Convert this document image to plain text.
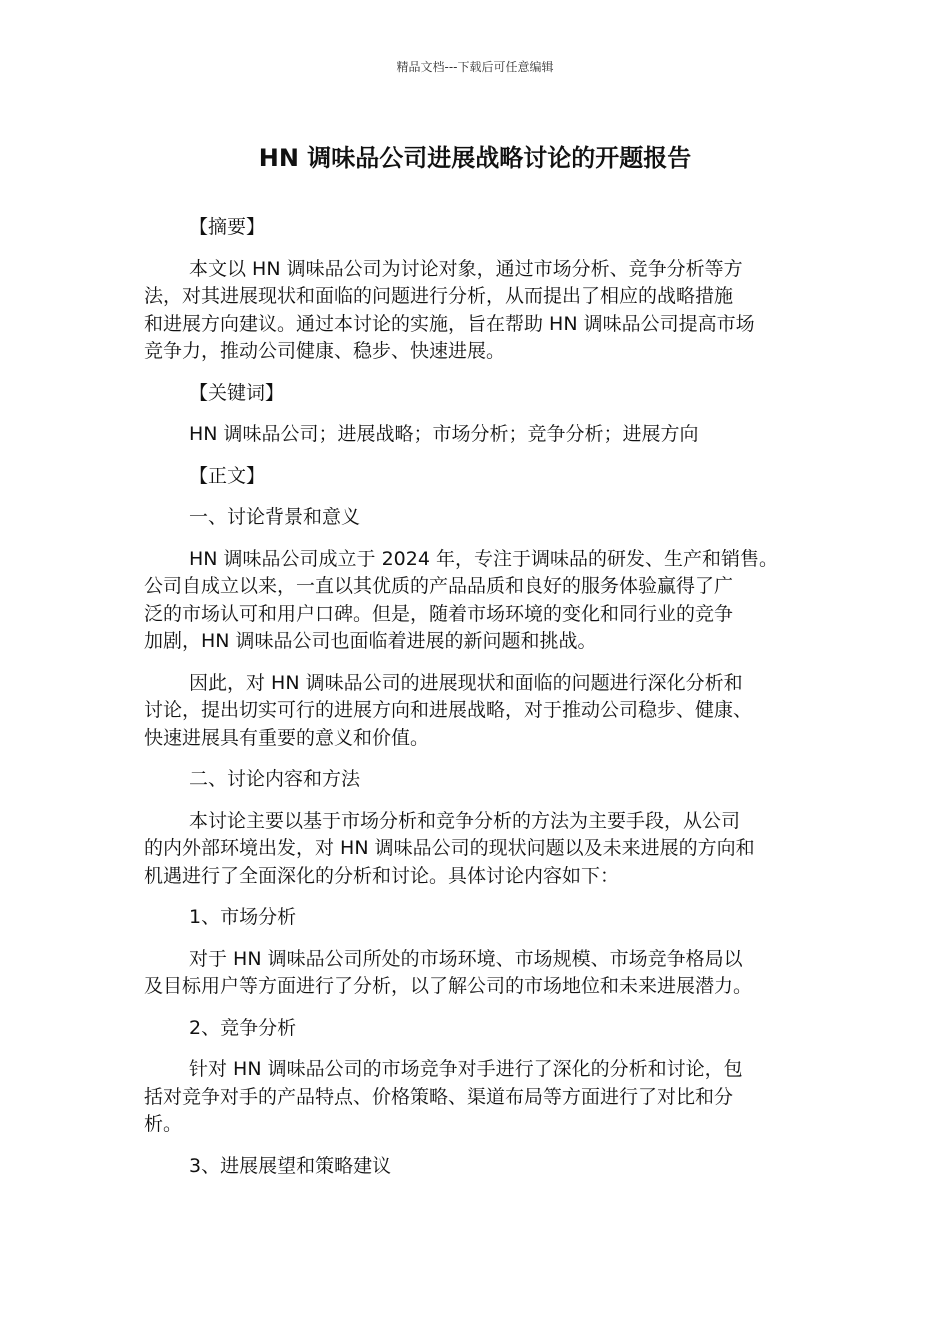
精品文档---下载后可任意编辑
HN 调味品公司进展战略讨论的开题报告
【摘要】
本文以 HN 调味品公司为讨论对象，通过市场分析、竞争分析等方
法，对其进展现状和面临的问题进行分析，从而提出了相应的战略措施
和进展方向建议。通过本讨论的实施，旨在帮助 HN 调味品公司提高市场
竞争力，推动公司健康、稳步、快速进展。
【关键词】
HN 调味品公司；进展战略；市场分析；竞争分析；进展方向
【正文】
一、讨论背景和意义
HN 调味品公司成立于 2024 年，专注于调味品的研发、生产和销售。
公司自成立以来，一直以其优质的产品品质和良好的服务体验赢得了广
泛的市场认可和用户口碑。但是，随着市场环境的变化和同行业的竞争
加剧，HN 调味品公司也面临着进展的新问题和挑战。
因此，对 HN 调味品公司的进展现状和面临的问题进行深化分析和
讨论，提出切实可行的进展方向和进展战略，对于推动公司稳步、健康、
快速进展具有重要的意义和价值。
二、讨论内容和方法
本讨论主要以基于市场分析和竞争分析的方法为主要手段，从公司
的内外部环境出发，对 HN 调味品公司的现状问题以及未来进展的方向和
机遇进行了全面深化的分析和讨论。具体讨论内容如下：
1、市场分析
对于 HN 调味品公司所处的市场环境、市场规模、市场竞争格局以
及目标用户等方面进行了分析，以了解公司的市场地位和未来进展潜力。
2、竞争分析
针对 HN 调味品公司的市场竞争对手进行了深化的分析和讨论，包
括对竞争对手的产品特点、价格策略、渠道布局等方面进行了对比和分
析。
3、进展展望和策略建议
